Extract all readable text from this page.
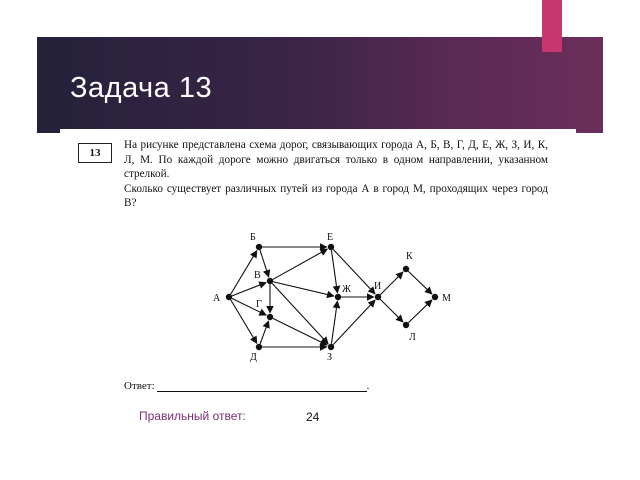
Задача 13
13

На рисунке представлена схема дорог, связывающих города А, Б, В, Г, Д, Е, Ж, З, И, К, Л, М. По каждой дороге можно двигаться только в одном направлении, указанном стрелкой.

Сколько существует различных путей из города А в город М, проходящих через город В?

А
Б
В
Г
Д
Е
Ж
З
И
К
Л
М
Ответ:	.
Правильный ответ:	24
